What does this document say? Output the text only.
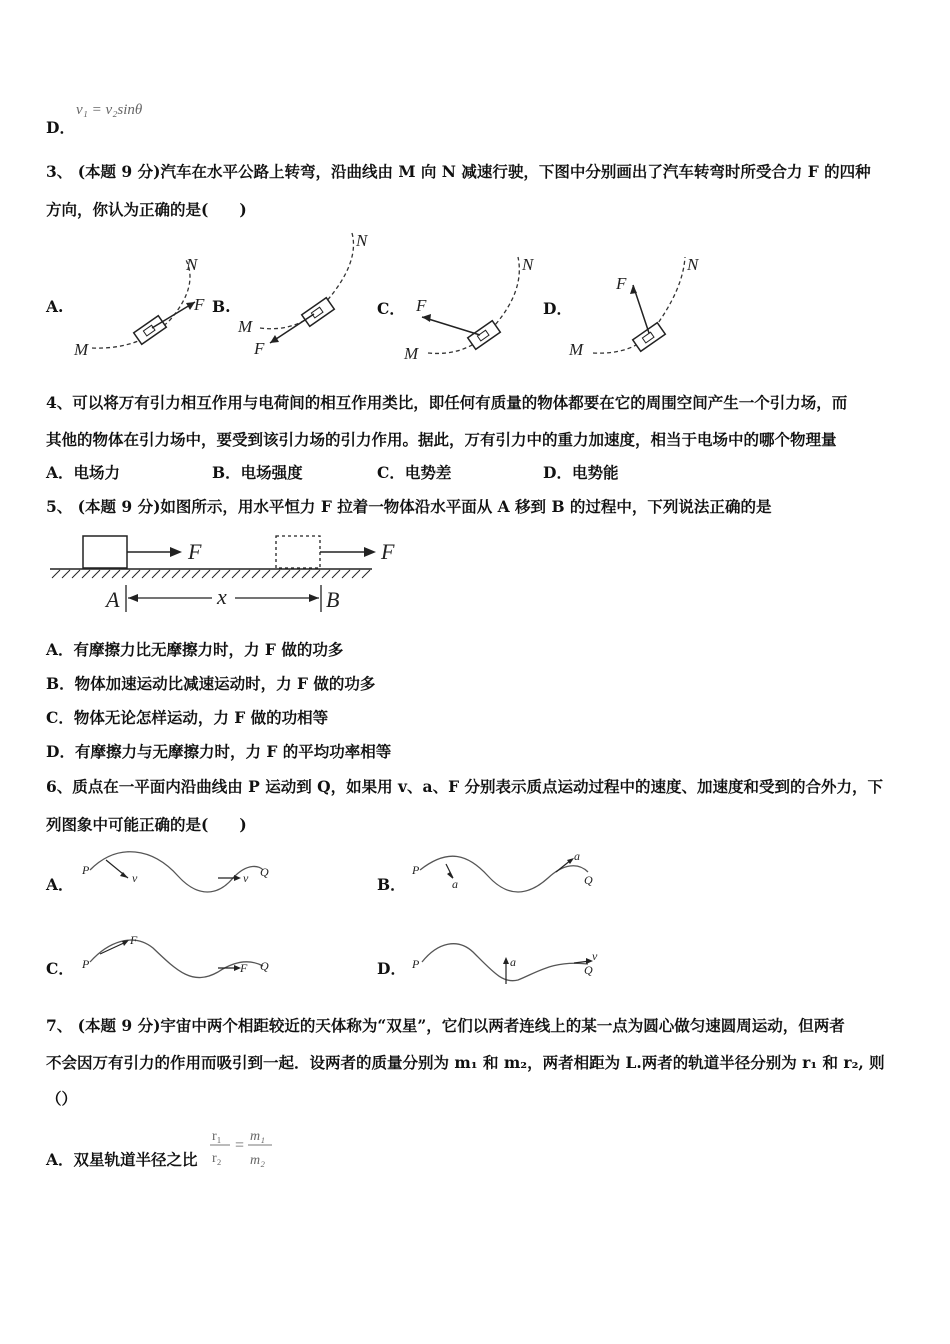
D．
v₁ = v₂sinθ
3、 (本题 9 分)汽车在水平公路上转弯，沿曲线由 M 向 N 减速行驶，下图中分别画出了汽车转弯时所受合力 F 的四种
方向，你认为正确的是(　　)
A.	B.	C．	D．
M
N
F
M
N
F	M
N
F
M
N
F
4、可以将万有引力相互作用与电荷间的相互作用类比，即任何有质量的物体都要在它的周围空间产生一个引力场，而
其他的物体在引力场中，要受到该引力场的引力作用。据此，万有引力中的重力加速度，相当于电场中的哪个物理量
A．电场力	B．电场强度	C．电势差	D．电势能
5、 (本题 9 分)如图所示，用水平恒力 F 拉着一物体沿水平面从 A 移到 B 的过程中，下列说法正确的是
F	F
A	B
x
A．有摩擦力比无摩擦力时，力 F 做的功多
B．物体加速运动比减速运动时，力 F 做的功多
C．物体无论怎样运动，力 F 做的功相等
D．有摩擦力与无摩擦力时，力 F 的平均功率相等
6、质点在一平面内沿曲线由 P 运动到 Q，如果用 v、a、F 分别表示质点运动过程中的速度、加速度和受到的合外力，下
列图象中可能正确的是(　　)
A．	B．
C．	D．
P	Q
v	v
P
Q
a
a
P	Q
F
F	P	Q
a	v
7、 (本题 9 分)宇宙中两个相距较近的天体称为“双星”，它们以两者连线上的某一点为圆心做匀速圆周运动，但两者
不会因万有引力的作用而吸引到一起．设两者的质量分别为 m₁ 和 m₂，两者相距为 L.两者的轨道半径分别为 r₁ 和 r₂, 则
（）
A．双星轨道半径之比
r₁
r₂
=
m₁
m₂
